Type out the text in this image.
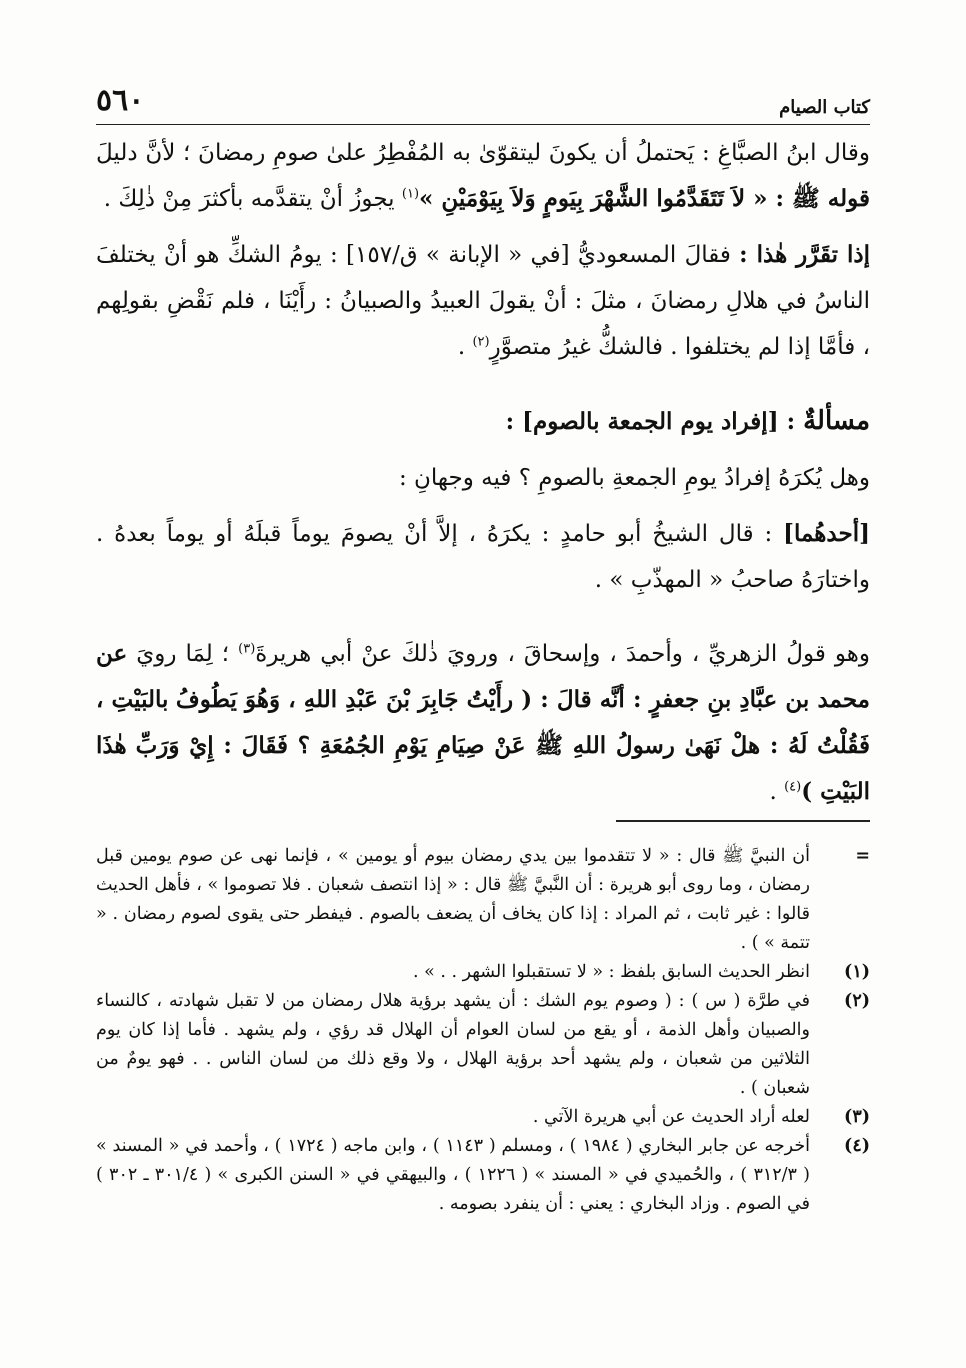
كتاب الصيام
٥٦٠

وقال ابنُ الصبَّاغِ : يَحتملُ أن يكونَ ليتقوّىٰ به المُفْطِرُ علىٰ صومِ رمضانَ ؛ لأنَّ دليلَ قوله ﷺ : « لاَ تَتَقَدَّمُوا الشَّهْرَ بِيَومٍ وَلاَ بِيَوْمَيْنِ »$^{(١)}$ يجوزُ أنْ يتقدَّمه بأكثرَ مِنْ ذٰلِكَ .

إذا تقَرَّر هٰذا : فقالَ المسعوديُّ [في « الإبانة » ق/١٥٧] : يومُ الشكِّ هو أنْ يختلفَ الناسُ في هلالِ رمضانَ ، مثلَ : أنْ يقولَ العبيدُ والصبيانُ : رأَيْنَا ، فلم نَقْضِ بقولِهم ، فأمَّا إذا لم يختلفوا . فالشكُّ غيرُ متصوَّرٍ$^{(٢)}$ .

مسألةٌ : [إفراد يوم الجمعة بالصوم] :

وهل يُكرَهُ إفرادُ يومِ الجمعةِ بالصومِ ؟ فيه وجهانِ :

[أحدهُما] : قال الشيخُ أبو حامدٍ : يكرَهُ ، إلاَّ أنْ يصومَ يوماً قبلَهُ أو يوماً بعدهُ . واختارَهُ صاحبُ « المهذّبِ » .

وهو قولُ الزهريِّ ، وأحمدَ ، وإسحاقَ ، ورويَ ذٰلكَ عنْ أبي هريرةَ$^{(٣)}$ ؛ لِمَا رويَ عن محمد بن عبَّادِ بنِ جعفرٍ : أنَّه قالَ : ( رأَيْتُ جَابِرَ بْنَ عَبْدِ اللهِ ، وَهُوَ يَطُوفُ بالبَيْتِ ، فَقُلْتُ لَهُ : هلْ نَهَىٰ رسولُ اللهِ ﷺ عَنْ صِيَامِ يَوْمِ الجُمُعَةِ ؟ فَقَالَ : إِيْ وَرَبِّ هٰذَا البَيْتِ )$^{(٤)}$ .

=
أن النبيَّ ﷺ قال : « لا تتقدموا بين يدي رمضان بيوم أو يومين » ، فإنما نهى عن صوم يومين قبل رمضان ، وما روى أبو هريرة : أن النَّبيَّ ﷺ قال : « إذا انتصف شعبان . فلا تصوموا » ، فأهل الحديث قالوا : غير ثابت ، ثم المراد : إذا كان يخاف أن يضعف بالصوم . فيفطر حتى يقوى لصوم رمضان . « تتمة » ) .
(١)
انظر الحديث السابق بلفظ : « لا تستقبلوا الشهر . . » .
(٢)
في طرَّة ( س ) : ( وصوم يوم الشك : أن يشهد برؤية هلال رمضان من لا تقبل شهادته ، كالنساء والصبيان وأهل الذمة ، أو يقع من لسان العوام أن الهلال قد رؤي ، ولم يشهد . فأما إذا كان يوم الثلاثين من شعبان ، ولم يشهد أحد برؤية الهلال ، ولا وقع ذلك من لسان الناس . . فهو يومٌ من شعبان ) .
(٣)
لعله أراد الحديث عن أبي هريرة الآتي .
(٤)
أخرجه عن جابر البخاري ( ١٩٨٤ ) ، ومسلم ( ١١٤٣ ) ، وابن ماجه ( ١٧٢٤ ) ، وأحمد في « المسند » ( ٣١٢/٣ ) ، والحُميدي في « المسند » ( ١٢٢٦ ) ، والبيهقي في « السنن الكبرى » ( ٣٠١/٤ ـ ٣٠٢ ) في الصوم . وزاد البخاري : يعني : أن ينفرد بصومه .
